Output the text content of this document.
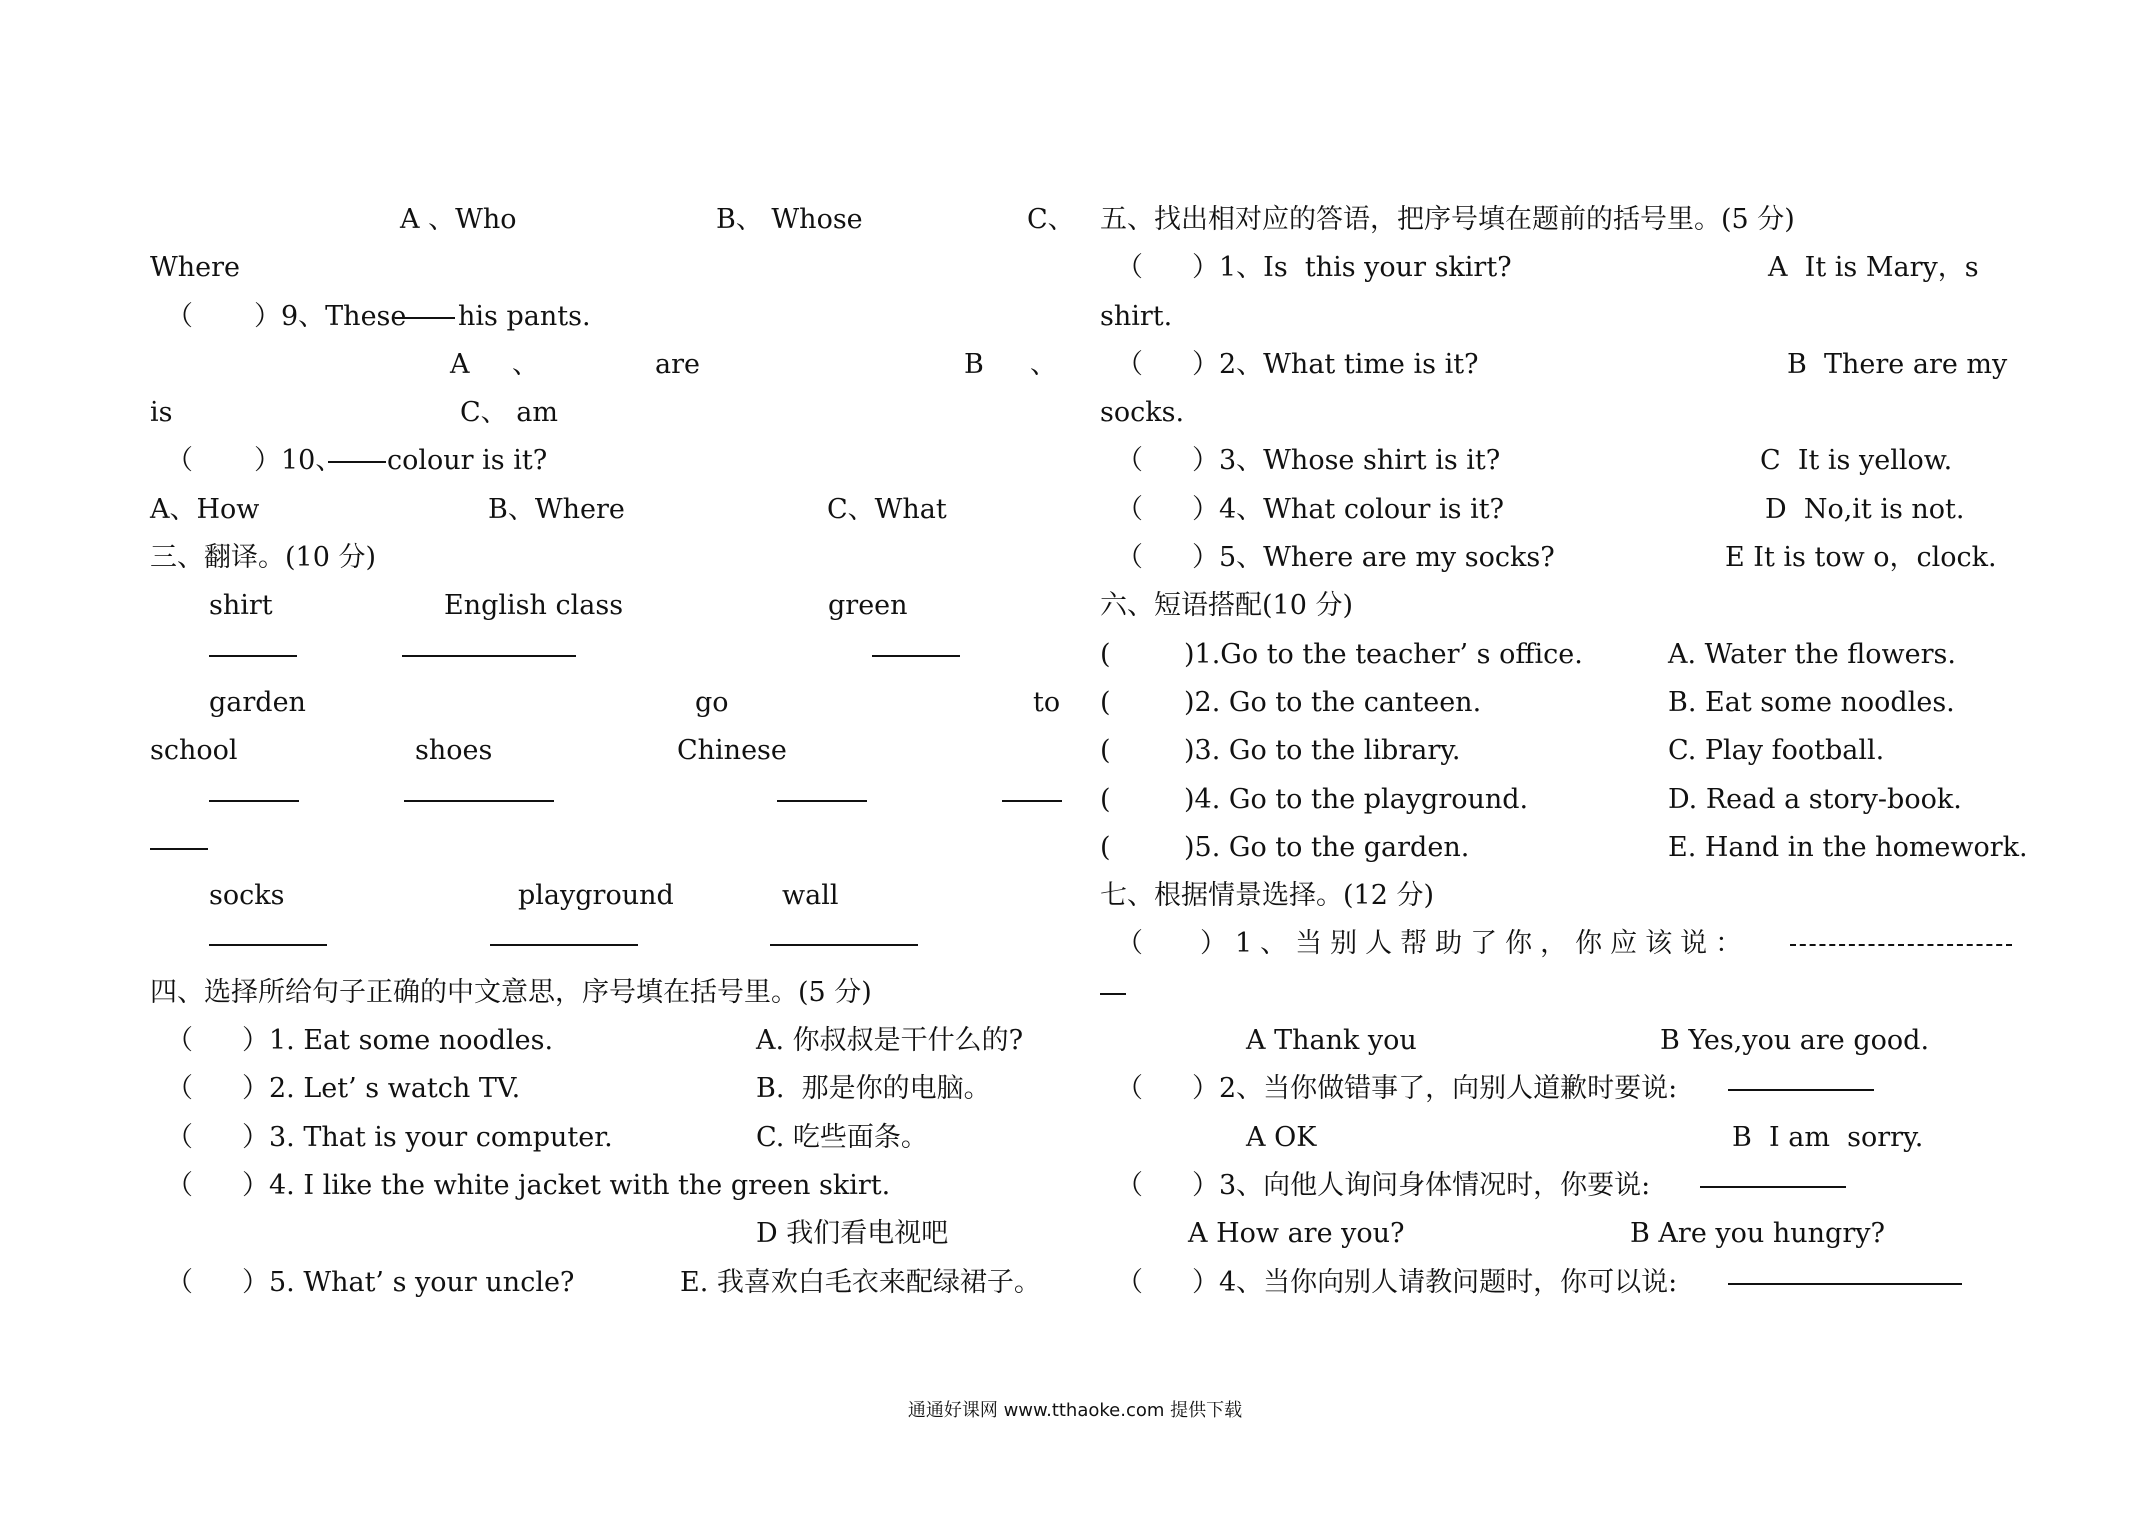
A 、Who	B、 Whose	C、
Where
（ ）9、These his pants.
A 、	are	B 、
is	C、 am
（ ）10、 colour is it?
A、How	B、Where	C、What
三、翻译。(10 分)
shirt	English class	green
garden	go	to
school	shoes	Chinese
socks	playground	wall
四、选择所给句子正确的中文意思，序号填在括号里。(5 分)
（ ）1. Eat some noodles.	A. 你叔叔是干什么的?
（ ）2. Let’ s watch TV.	B.  那是你的电脑。
（ ）3. That is your computer.	C. 吃些面条。
（ ）4. I like the white jacket with the green skirt.
D 我们看电视吧
（ ）5. What’ s your uncle?	E. 我喜欢白毛衣来配绿裙子。
五、找出相对应的答语，把序号填在题前的括号里。(5 分)
（ ）1、Is  this your skirt?	A  It is Mary，s
shirt.
（ ）2、What time is it?	B  There are my
socks.
（ ）3、Whose shirt is it?	C  It is yellow.
（ ）4、What colour is it?	D  No,it is not.
（ ）5、Where are my socks?	E It is tow o，clock.
六、短语搭配(10 分)
(	)1.Go to the teacher’ s office.	A. Water the flowers.
(	)2. Go to the canteen.	B. Eat some noodles.
(	)3. Go to the library.	C. Play football.
(	)4. Go to the playground.	D. Read a story-book.
(	)5. Go to the garden.	E. Hand in the homework.
七、根据情景选择。(12 分)
（ ）1、当别人帮助了你，你应该说：
A Thank you	B Yes,you are good.
（ ）2、当你做错事了，向别人道歉时要说:
A OK	B  I am  sorry.
（ ）3、向他人询问身体情况时，你要说:
A How are you?	B Are you hungry?
（ ）4、当你向别人请教问题时，你可以说:
通通好课网 www.tthaoke.com 提供下载
